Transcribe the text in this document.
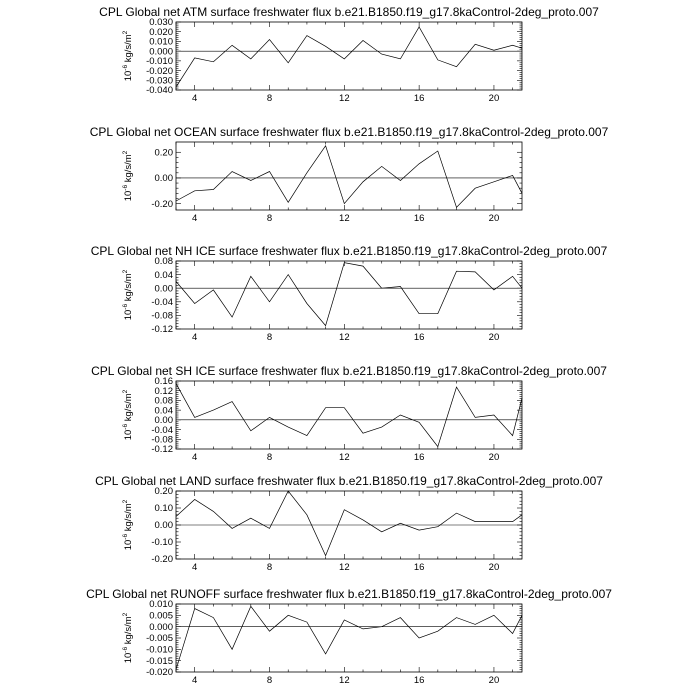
CPL Global net ATM surface freshwater flux b.e21.B1850.f19_g17.8kaControl-2deg_proto.007
-0.040
-0.030
-0.020
-0.010
0.000
0.010
0.020
0.030
4	8	12	16	20
$10^{-6}$ $kg/s/m^2$
CPL Global net OCEAN surface freshwater flux b.e21.B1850.f19_g17.8kaControl-2deg_proto.007
-0.20
0.00
0.20
4	8	12	16	20
$10^{-6}$ $kg/s/m^2$
CPL Global net NH ICE surface freshwater flux b.e21.B1850.f19_g17.8kaControl-2deg_proto.007
-0.12
-0.08
-0.04
0.00
0.04
0.08
4	8	12	16	20
$10^{-6}$ $kg/s/m^2$
CPL Global net SH ICE surface freshwater flux b.e21.B1850.f19_g17.8kaControl-2deg_proto.007
-0.12
-0.08
-0.04
0.00
0.04
0.08
0.12
0.16
4	8	12	16	20
$10^{-6}$ $kg/s/m^2$
CPL Global net LAND surface freshwater flux b.e21.B1850.f19_g17.8kaControl-2deg_proto.007
-0.20
-0.10
0.00
0.10
0.20
4	8	12	16	20
$10^{-6}$ $kg/s/m^2$
CPL Global net RUNOFF surface freshwater flux b.e21.B1850.f19_g17.8kaControl-2deg_proto.007
-0.020
-0.015
-0.010
-0.005
0.000
0.005
0.010
4	8	12	16	20
$10^{-6}$ $kg/s/m^2$
